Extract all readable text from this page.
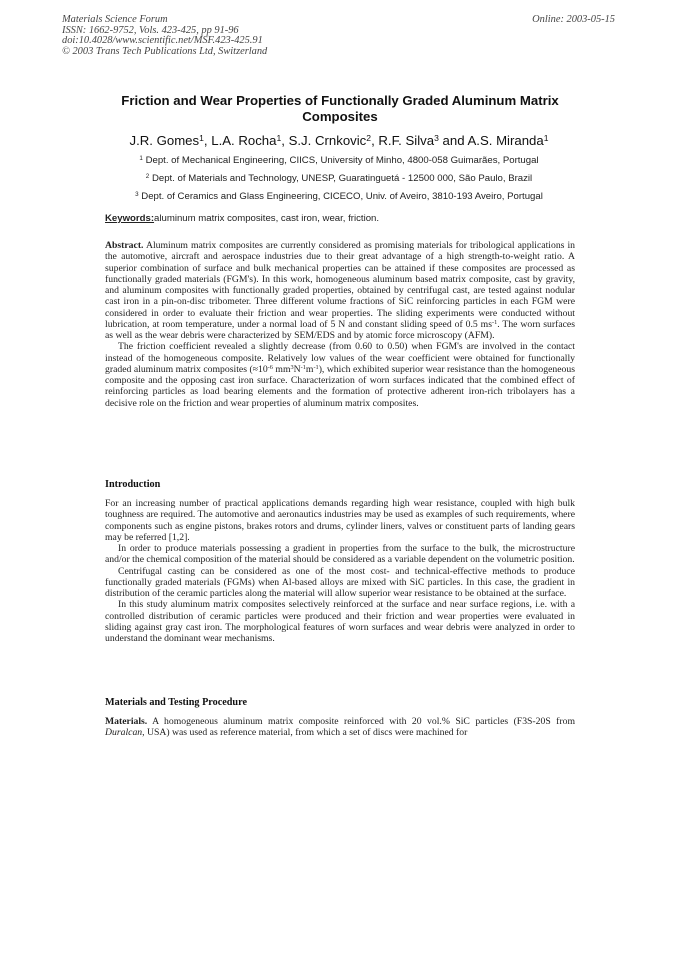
Materials Science Forum
ISSN: 1662-9752, Vols. 423-425, pp 91-96
doi:10.4028/www.scientific.net/MSF.423-425.91
© 2003 Trans Tech Publications Ltd, Switzerland
Online: 2003-05-15
Friction and Wear Properties of Functionally Graded Aluminum Matrix Composites
J.R. Gomes$^1$, L.A. Rocha$^1$, S.J. Crnkovic$^2$, R.F. Silva$^3$ and A.S. Miranda$^1$
$^1$ Dept. of Mechanical Engineering, CIICS, University of Minho, 4800-058 Guimarães, Portugal
$^2$ Dept. of Materials and Technology, UNESP, Guaratinguetá - 12500 000, São Paulo, Brazil
$^3$ Dept. of Ceramics and Glass Engineering, CICECO, Univ. of Aveiro, 3810-193 Aveiro, Portugal
Keywords:aluminum matrix composites, cast iron, wear, friction.

Abstract. Aluminum matrix composites are currently considered as promising materials for tribological applications in the automotive, aircraft and aerospace industries due to their great advantage of a high strength-to-weight ratio. A superior combination of surface and bulk mechanical properties can be attained if these composites are processed as functionally graded materials (FGM's). In this work, homogeneous aluminum based matrix composite, cast by gravity, and aluminum composites with functionally graded properties, obtained by centrifugal cast, are tested against nodular cast iron in a pin-on-disc tribometer. Three different volume fractions of SiC reinforcing particles in each FGM were considered in order to evaluate their friction and wear properties. The sliding experiments were conducted without lubrication, at room temperature, under a normal load of 5 N and constant sliding speed of 0.5 $ms^{-1}$. The worn surfaces as well as the wear debris were characterized by SEM/EDS and by atomic force microscopy (AFM).

The friction coefficient revealed a slightly decrease (from 0.60 to 0.50) when FGM's are involved in the contact instead of the homogeneous composite. Relatively low values of the wear coefficient were obtained for functionally graded aluminum matrix composites ($\approx 10^{-6}$ $mm^3N^{-1}m^{-1}$), which exhibited superior wear resistance than the homogeneous composite and the opposing cast iron surface. Characterization of worn surfaces indicated that the combined effect of reinforcing particles as load bearing elements and the formation of protective adherent iron-rich tribolayers has a decisive role on the friction and wear properties of aluminum matrix composites.

Introduction

For an increasing number of practical applications demands regarding high wear resistance, coupled with high bulk toughness are required. The automotive and aeronautics industries may be used as examples of such requirements, where components such as engine pistons, brakes rotors and drums, cylinder liners, valves or constituent parts of landing gears may be referred [1,2].

In order to produce materials possessing a gradient in properties from the surface to the bulk, the microstructure and/or the chemical composition of the material should be considered as a variable dependent on the volumetric position.

Centrifugal casting can be considered as one of the most cost- and technical-effective methods to produce functionally graded materials (FGMs) when Al-based alloys are mixed with SiC particles. In this case, the gradient in distribution of the ceramic particles along the material will allow superior wear resistance to be obtained at the surface.

In this study aluminum matrix composites selectively reinforced at the surface and near surface regions, i.e. with a controlled distribution of ceramic particles were produced and their friction and wear properties were evaluated in sliding against gray cast iron. The morphological features of worn surfaces and wear debris were analyzed in order to understand the dominant wear mechanisms.

Materials and Testing Procedure

Materials. A homogeneous aluminum matrix composite reinforced with 20 vol.% SiC particles (F3S-20S from Duralcan, USA) was used as reference material, from which a set of discs were machined for
